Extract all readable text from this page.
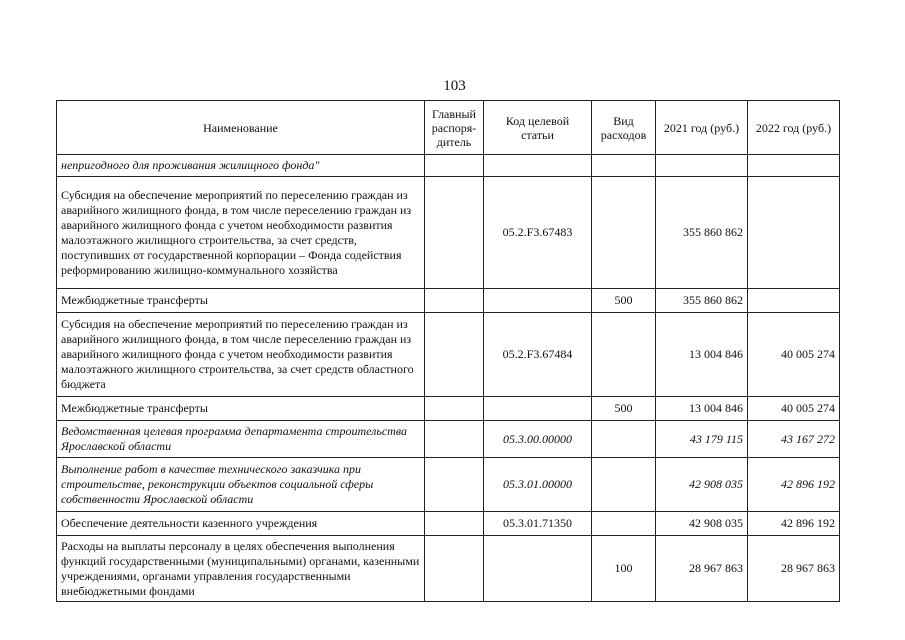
103
Наименование	Главный распоря-дитель	Код целевой статьи	Вид расходов	2021 год (руб.)	2022 год (руб.)
непригодного для проживания жилищного фонда"					
Субсидия на обеспечение мероприятий по переселению граждан из аварийного жилищного фонда, в том числе переселению граждан из аварийного жилищного фонда с учетом необходимости развития малоэтажного жилищного строительства, за счет средств, поступивших от государственной корпорации – Фонда содействия реформированию жилищно-коммунального хозяйства		05.2.F3.67483		355 860 862	
Межбюджетные трансферты			500	355 860 862	
Субсидия на обеспечение мероприятий по переселению граждан из аварийного жилищного фонда, в том числе переселению граждан из аварийного жилищного фонда с учетом необходимости развития малоэтажного жилищного строительства, за счет средств областного бюджета		05.2.F3.67484		13 004 846	40 005 274
Межбюджетные трансферты			500	13 004 846	40 005 274
Ведомственная целевая программа департамента строительства Ярославской области		05.3.00.00000		43 179 115	43 167 272
Выполнение работ в качестве технического заказчика при строительстве, реконструкции объектов социальной сферы собственности Ярославской области		05.3.01.00000		42 908 035	42 896 192
Обеспечение деятельности казенного учреждения		05.3.01.71350		42 908 035	42 896 192
Расходы на выплаты персоналу в целях обеспечения выполнения функций государственными (муниципальными) органами, казенными учреждениями, органами управления государственными внебюджетными фондами			100	28 967 863	28 967 863
